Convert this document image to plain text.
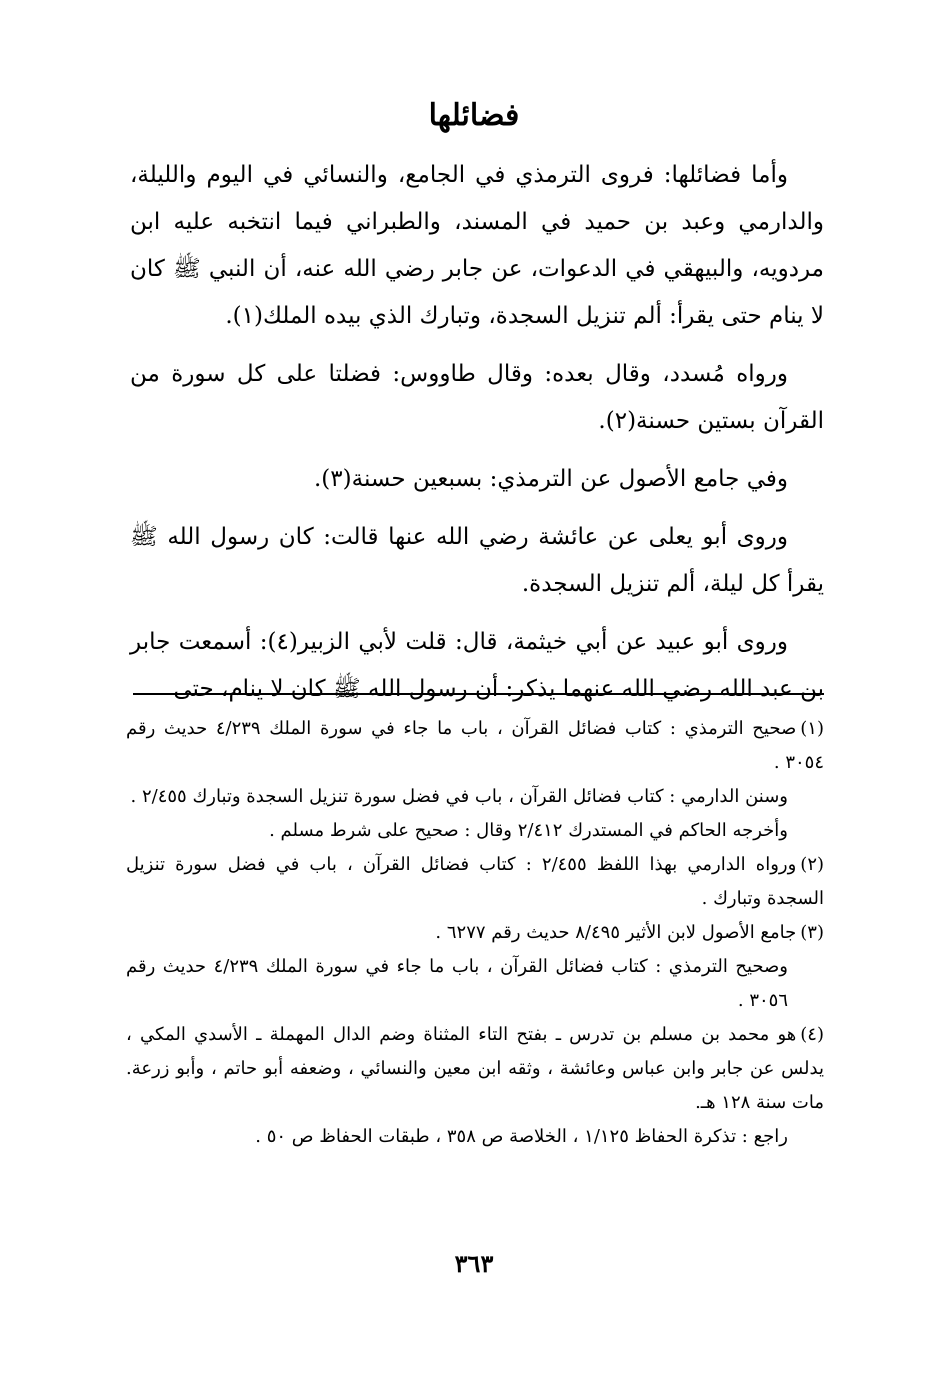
فضائلها

وأما فضائلها: فروى الترمذي في الجامع، والنسائي في اليوم والليلة، والدارمي وعبد بن حميد في المسند، والطبراني فيما انتخبه عليه ابن مردويه، والبيهقي في الدعوات، عن جابر رضي الله عنه، أن النبي ﷺ كان لا ينام حتى يقرأ: ألم تنزيل السجدة، وتبارك الذي بيده الملك(١).

ورواه مُسدد، وقال بعده: وقال طاووس: فضلتا على كل سورة من القرآن بستين حسنة(٢).

وفي جامع الأصول عن الترمذي: بسبعين حسنة(٣).

وروى أبو يعلى عن عائشة رضي الله عنها قالت: كان رسول الله ﷺ يقرأ كل ليلة، ألم تنزيل السجدة.

وروى أبو عبيد عن أبي خيثمة، قال: قلت لأبي الزبير(٤): أسمعت جابر بن عبد الله رضي الله عنهما يذكر: أن رسول الله ﷺ كان لا ينام، حتى

(١)صحيح الترمذي : كتاب فضائل القرآن ، باب ما جاء في سورة الملك ٤/٢٣٩ حديث رقم ٣٠٥٤ .

وسنن الدارمي : كتاب فضائل القرآن ، باب في فضل سورة تنزيل السجدة وتبارك ٢/٤٥٥ .

وأخرجه الحاكم في المستدرك ٢/٤١٢ وقال : صحيح على شرط مسلم .

(٢)ورواه الدارمي بهذا اللفظ ٢/٤٥٥ : كتاب فضائل القرآن ، باب في فضل سورة تنزيل السجدة وتبارك .

(٣)جامع الأصول لابن الأثير ٨/٤٩٥ حديث رقم ٦٢٧٧ .

وصحيح الترمذي : كتاب فضائل القرآن ، باب ما جاء في سورة الملك ٤/٢٣٩ حديث رقم ٣٠٥٦ .

(٤)هو محمد بن مسلم بن تدرس ـ بفتح التاء المثناة وضم الدال المهملة ـ الأسدي المكي ، يدلس عن جابر وابن عباس وعائشة ، وثقه ابن معين والنسائي ، وضعفه أبو حاتم ، وأبو زرعة. مات سنة ١٢٨ هـ.

راجع : تذكرة الحفاظ ١/١٢٥ ، الخلاصة ص ٣٥٨ ، طبقات الحفاظ ص ٥٠ .

٣٦٣
